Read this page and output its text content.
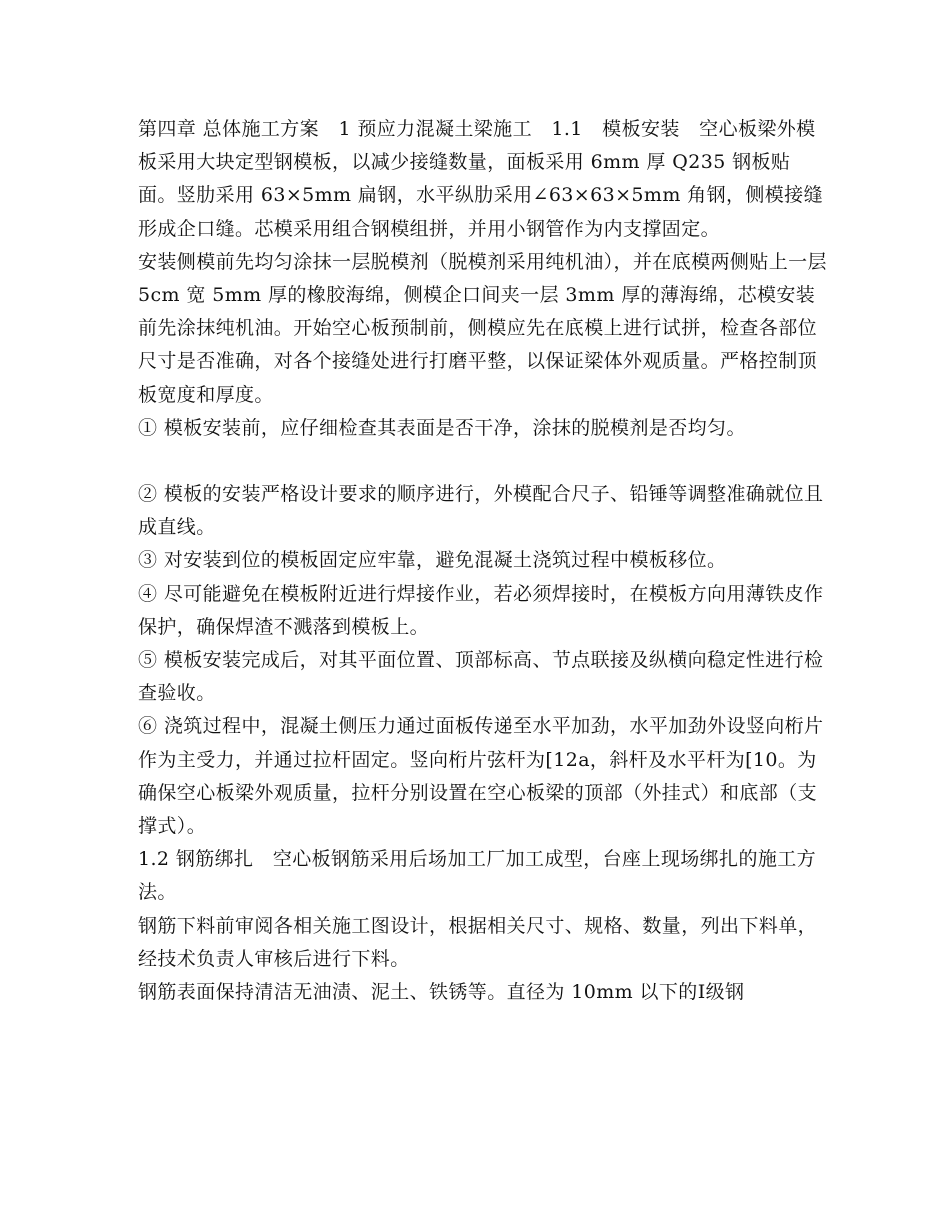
第四章 总体施工方案　1 预应力混凝土梁施工　1.1　模板安装　空心板梁外模板采用大块定型钢模板，以减少接缝数量，面板采用 6mm 厚 Q235 钢板贴面。竖肋采用 63×5mm 扁钢，水平纵肋采用∠63×63×5mm 角钢，侧模接缝形成企口缝。芯模采用组合钢模组拼，并用小钢管作为内支撑固定。

安装侧模前先均匀涂抹一层脱模剂（脱模剂采用纯机油），并在底模两侧贴上一层 5cm 宽 5mm 厚的橡胶海绵，侧模企口间夹一层 3mm 厚的薄海绵，芯模安装前先涂抹纯机油。开始空心板预制前，侧模应先在底模上进行试拼，检查各部位尺寸是否准确，对各个接缝处进行打磨平整，以保证梁体外观质量。严格控制顶板宽度和厚度。

① 模板安装前，应仔细检查其表面是否干净，涂抹的脱模剂是否均匀。

② 模板的安装严格设计要求的顺序进行，外模配合尺子、铅锤等调整准确就位且成直线。

③ 对安装到位的模板固定应牢靠，避免混凝土浇筑过程中模板移位。

④ 尽可能避免在模板附近进行焊接作业，若必须焊接时，在模板方向用薄铁皮作保护，确保焊渣不溅落到模板上。

⑤ 模板安装完成后，对其平面位置、顶部标高、节点联接及纵横向稳定性进行检查验收。

⑥ 浇筑过程中，混凝土侧压力通过面板传递至水平加劲，水平加劲外设竖向桁片作为主受力，并通过拉杆固定。竖向桁片弦杆为[12a，斜杆及水平杆为[10。为确保空心板梁外观质量，拉杆分别设置在空心板梁的顶部（外挂式）和底部（支撑式）。

1.2 钢筋绑扎　空心板钢筋采用后场加工厂加工成型，台座上现场绑扎的施工方法。

钢筋下料前审阅各相关施工图设计，根据相关尺寸、规格、数量，列出下料单，经技术负责人审核后进行下料。

钢筋表面保持清洁无油渍、泥土、铁锈等。直径为 10mm 以下的Ⅰ级钢
